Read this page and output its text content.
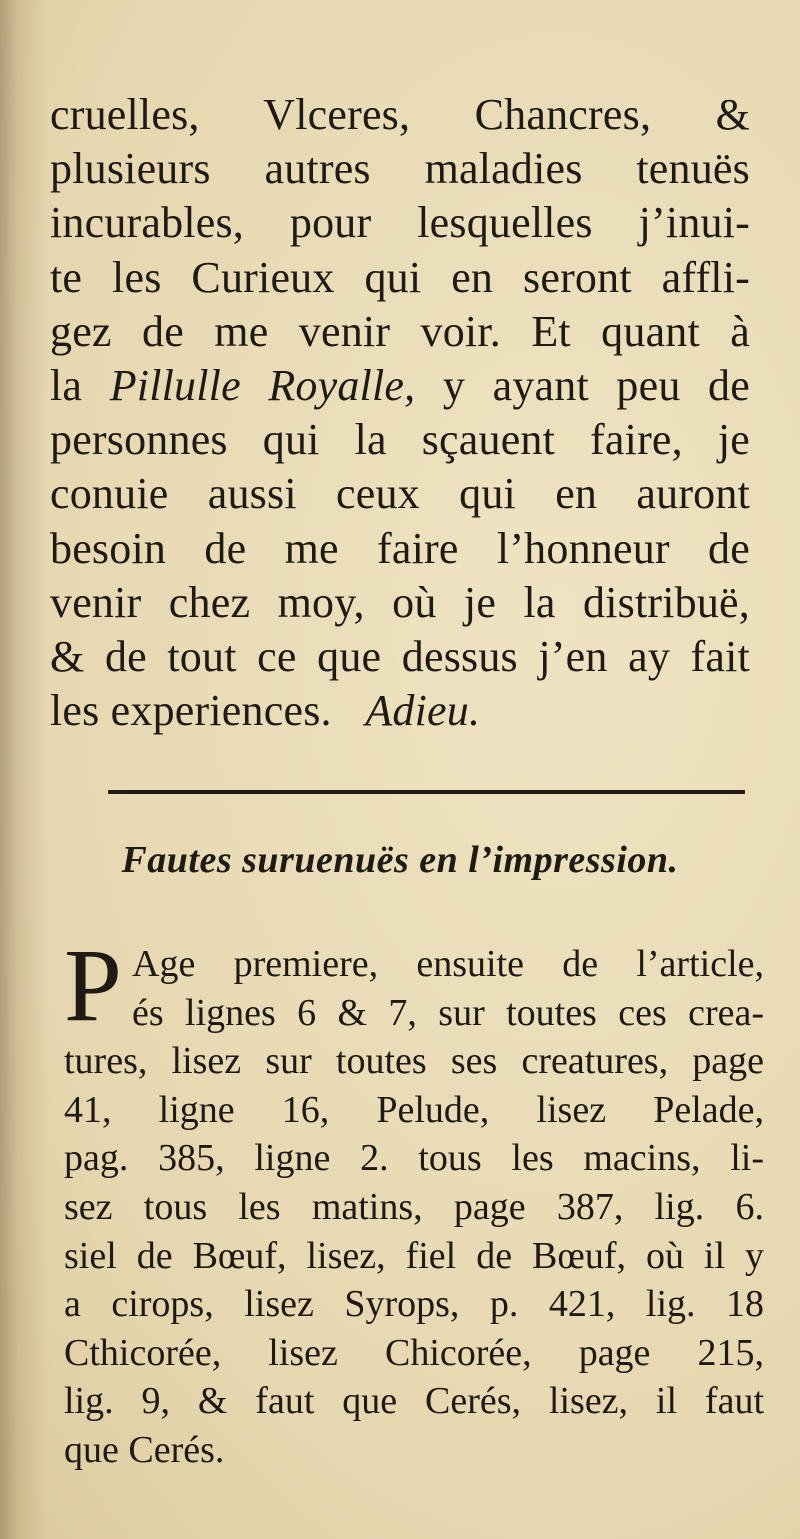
cruelles, Vlceres, Chancres, &
plusieurs autres maladies tenuës
incurables, pour lesquelles j’inui-
te les Curieux qui en seront affli-
gez de me venir voir. Et quant à
la Pillulle Royalle, y ayant peu de
personnes qui la sçauent faire, je
conuie aussi ceux qui en auront
besoin de me faire l’honneur de
venir chez moy, où je la distribuë,
& de tout ce que dessus j’en ay fait
les experiences. Adieu.
Fautes suruenuës en l’impression.
P Age premiere, ensuite de l’article,
és lignes 6 & 7, sur toutes ces crea-
tures, lisez sur toutes ses creatures, page
41, ligne 16, Pelude, lisez Pelade,
pag. 385, ligne 2. tous les macins, li-
sez tous les matins, page 387, lig. 6.
siel de Bœuf, lisez, fiel de Bœuf, où il y
a cirops, lisez Syrops, p. 421, lig. 18
Cthicorée, lisez Chicorée, page 215,
lig. 9, & faut que Cerés, lisez, il faut
que Cerés.
